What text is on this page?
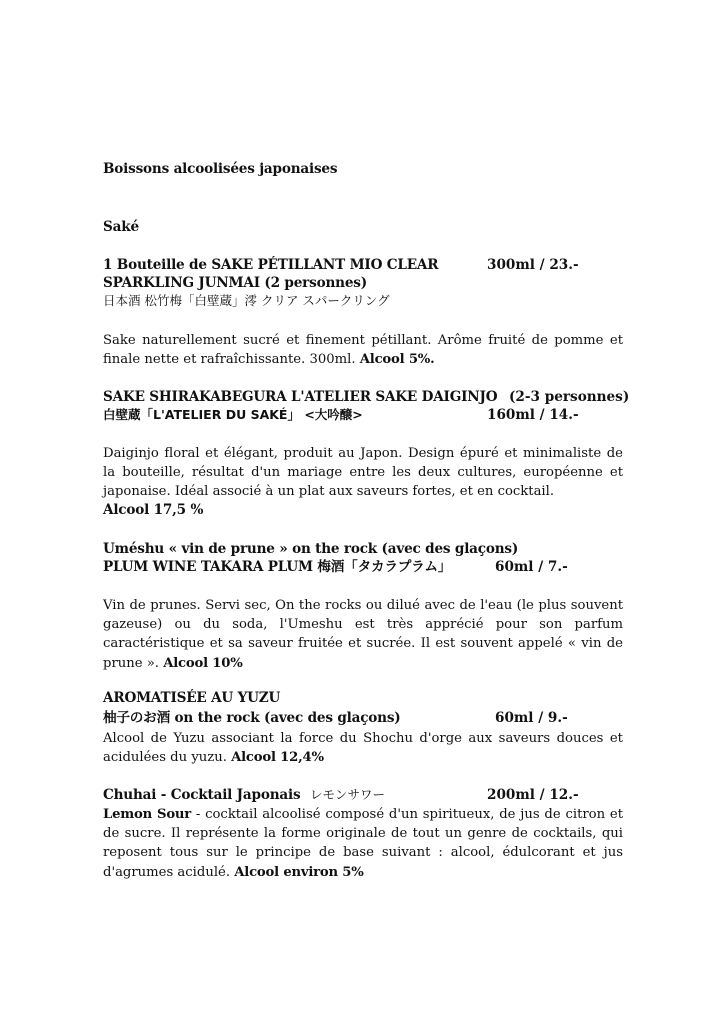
Boissons alcoolisées japonaises
Saké
1 Bouteille de SAKE PÉTILLANT MIO CLEAR	300ml / 23.-
SPARKLING JUNMAI (2 personnes)
日本酒 松竹梅「白壁蔵」澪 クリア スパークリング
Sake naturellement sucré et finement pétillant. Arôme fruité de pomme et finale nette et rafraîchissante. 300ml. Alcool 5%.
SAKE SHIRAKABEGURA L'ATELIER SAKE DAIGINJO (2-3 personnes)
白壁蔵「L'ATELIER DU SAKÉ」 <大吟醸>	160ml / 14.-
Daiginjo floral et élégant, produit au Japon. Design épuré et minimaliste de la bouteille, résultat d'un mariage entre les deux cultures, européenne et japonaise. Idéal associé à un plat aux saveurs fortes, et en cocktail.
Alcool 17,5 %
Uméshu « vin de prune » on the rock (avec des glaçons)
PLUM WINE TAKARA PLUM 梅酒「タカラプラム」	60ml / 7.-
Vin de prunes. Servi sec, On the rocks ou dilué avec de l'eau (le plus souvent gazeuse) ou du soda, l'Umeshu est très apprécié pour son parfum caractéristique et sa saveur fruitée et sucrée. Il est souvent appelé « vin de prune ». Alcool 10%
AROMATISÉE AU YUZU
柚子のお酒 on the rock (avec des glaçons)	60ml / 9.-
Alcool de Yuzu associant la force du Shochu d'orge aux saveurs douces et acidulées du yuzu. Alcool 12,4%
Chuhai - Cocktail Japonais レモンサワー	200ml / 12.-
Lemon Sour - cocktail alcoolisé composé d'un spiritueux, de jus de citron et de sucre. Il représente la forme originale de tout un genre de cocktails, qui reposent tous sur le principe de base suivant : alcool, édulcorant et jus d'agrumes acidulé. Alcool environ 5%
